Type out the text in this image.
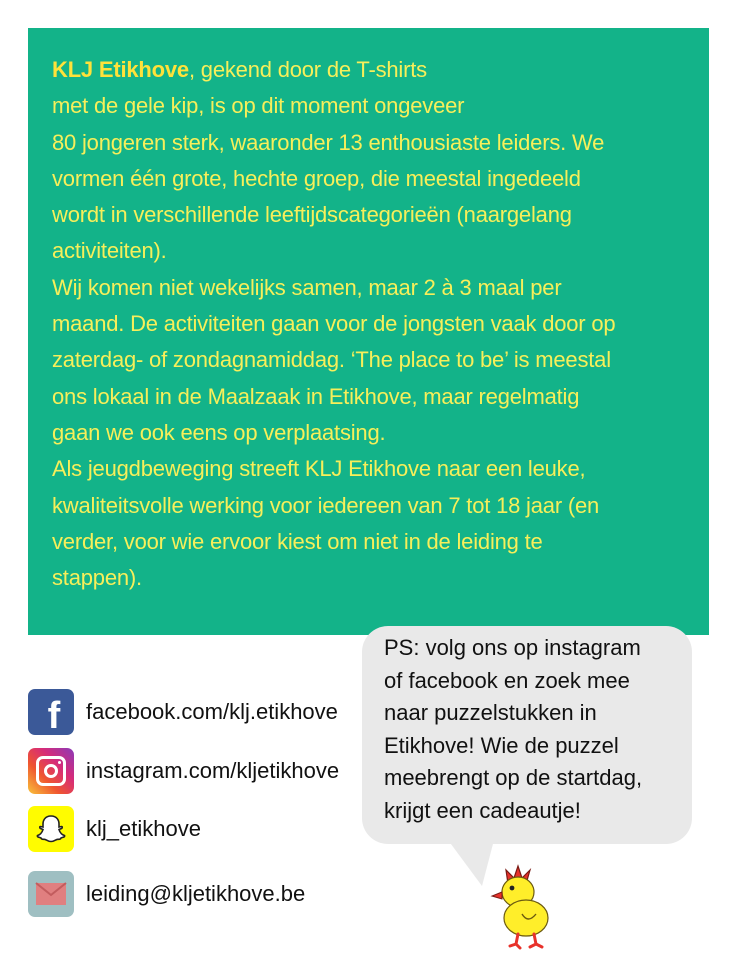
KLJ Etikhove, gekend door de T-shirts
met de gele kip, is op dit moment ongeveer
80 jongeren sterk, waaronder 13 enthousiaste leiders. We
vormen één grote, hechte groep, die meestal ingedeeld
wordt in verschillende leeftijdscategorieën (naargelang
activiteiten).
Wij komen niet wekelijks samen, maar 2 à 3 maal per
maand. De activiteiten gaan voor de jongsten vaak door op
zaterdag- of zondagnamiddag. ‘The place to be’ is meestal
ons lokaal in de Maalzaak in Etikhove, maar regelmatig
gaan we ook eens op verplaatsing.
Als jeugdbeweging streeft KLJ Etikhove naar een leuke,
kwaliteitsvolle werking voor iedereen van 7 tot 18 jaar (en
verder, voor wie ervoor kiest om niet in de leiding te
stappen).

f facebook.com/klj.etikhove
instagram.com/kljetikhove
klj_etikhove
leiding@kljetikhove.be

PS: volg ons op instagram
of facebook en zoek mee
naar puzzelstukken in
Etikhove! Wie de puzzel
meebrengt op de startdag,
krijgt een cadeautje!
